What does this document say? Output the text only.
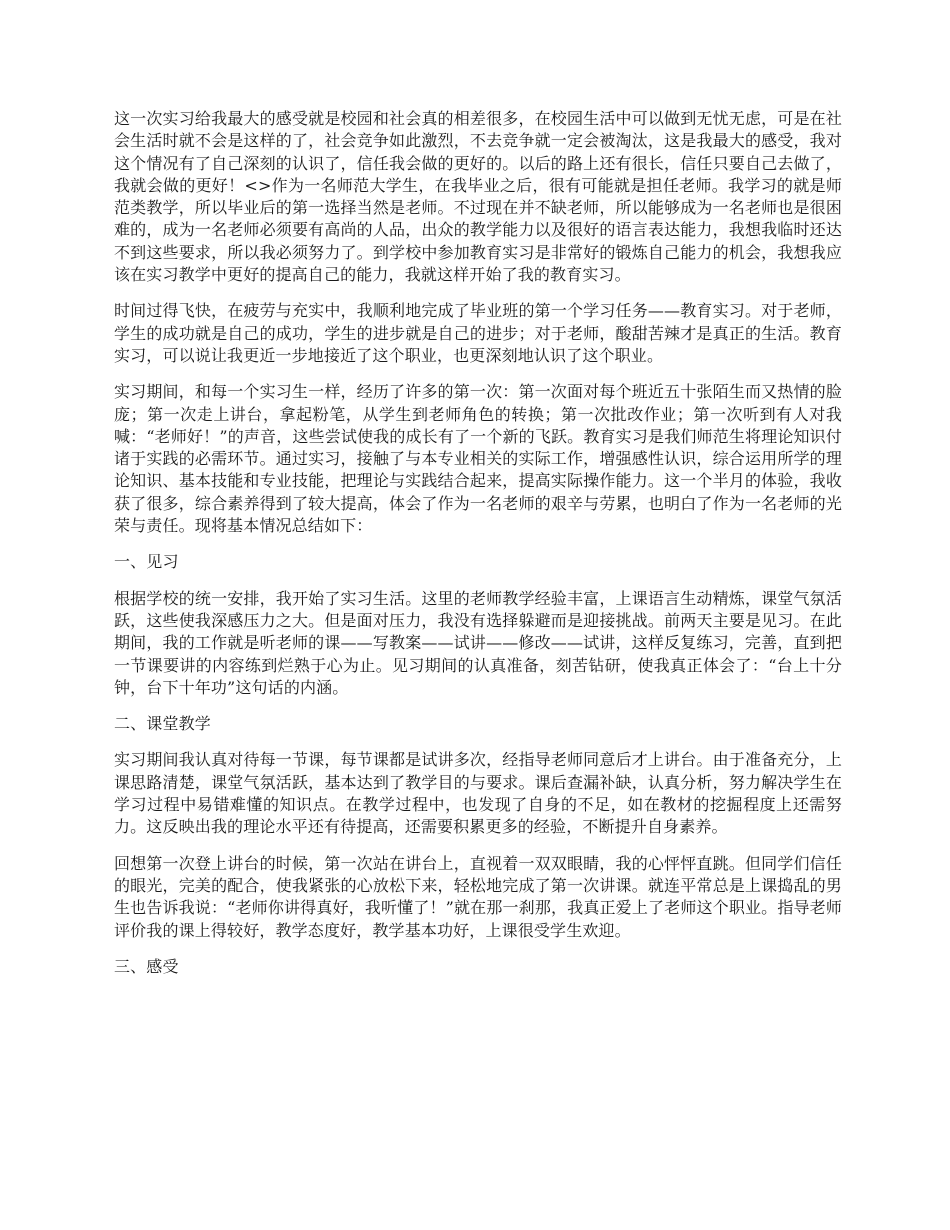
这一次实习给我最大的感受就是校园和社会真的相差很多，在校园生活中可以做到无忧无虑，可是在社会生活时就不会是这样的了，社会竞争如此激烈，不去竞争就一定会被淘汰，这是我最大的感受，我对这个情况有了自己深刻的认识了，信任我会做的更好的。以后的路上还有很长，信任只要自己去做了，我就会做的更好！<>作为一名师范大学生，在我毕业之后，很有可能就是担任老师。我学习的就是师范类教学，所以毕业后的第一选择当然是老师。不过现在并不缺老师，所以能够成为一名老师也是很困难的，成为一名老师必须要有高尚的人品，出众的教学能力以及很好的语言表达能力，我想我临时还达不到这些要求，所以我必须努力了。到学校中参加教育实习是非常好的锻炼自己能力的机会，我想我应该在实习教学中更好的提高自己的能力，我就这样开始了我的教育实习。

时间过得飞快，在疲劳与充实中，我顺利地完成了毕业班的第一个学习任务——教育实习。对于老师，学生的成功就是自己的成功，学生的进步就是自己的进步；对于老师，酸甜苦辣才是真正的生活。教育实习，可以说让我更近一步地接近了这个职业，也更深刻地认识了这个职业。

实习期间，和每一个实习生一样，经历了许多的第一次：第一次面对每个班近五十张陌生而又热情的脸庞；第一次走上讲台，拿起粉笔，从学生到老师角色的转换；第一次批改作业；第一次听到有人对我喊：“老师好！”的声音，这些尝试使我的成长有了一个新的飞跃。教育实习是我们师范生将理论知识付诸于实践的必需环节。通过实习，接触了与本专业相关的实际工作，增强感性认识，综合运用所学的理论知识、基本技能和专业技能，把理论与实践结合起来，提高实际操作能力。这一个半月的体验，我收获了很多，综合素养得到了较大提高，体会了作为一名老师的艰辛与劳累，也明白了作为一名老师的光荣与责任。现将基本情况总结如下：

一、见习

根据学校的统一安排，我开始了实习生活。这里的老师教学经验丰富，上课语言生动精炼，课堂气氛活跃，这些使我深感压力之大。但是面对压力，我没有选择躲避而是迎接挑战。前两天主要是见习。在此期间，我的工作就是听老师的课——写教案——试讲——修改——试讲，这样反复练习，完善，直到把一节课要讲的内容练到烂熟于心为止。见习期间的认真准备，刻苦钻研，使我真正体会了：“台上十分钟，台下十年功”这句话的内涵。

二、课堂教学

实习期间我认真对待每一节课，每节课都是试讲多次，经指导老师同意后才上讲台。由于准备充分，上课思路清楚，课堂气氛活跃，基本达到了教学目的与要求。课后查漏补缺，认真分析，努力解决学生在学习过程中易错难懂的知识点。在教学过程中，也发现了自身的不足，如在教材的挖掘程度上还需努力。这反映出我的理论水平还有待提高，还需要积累更多的经验，不断提升自身素养。

回想第一次登上讲台的时候，第一次站在讲台上，直视着一双双眼睛，我的心怦怦直跳。但同学们信任的眼光，完美的配合，使我紧张的心放松下来，轻松地完成了第一次讲课。就连平常总是上课捣乱的男生也告诉我说：“老师你讲得真好，我听懂了！”就在那一刹那，我真正爱上了老师这个职业。指导老师评价我的课上得较好，教学态度好，教学基本功好，上课很受学生欢迎。

三、感受
